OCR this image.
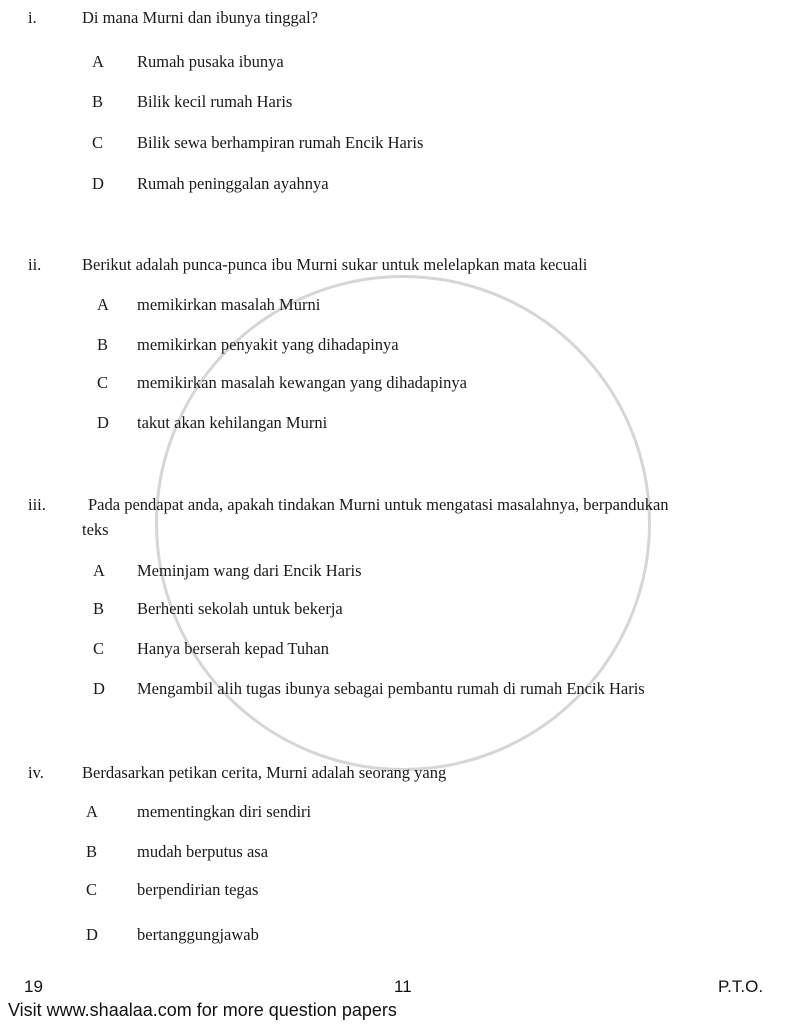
i.	Di mana Murni dan ibunya tinggal?
A Rumah pusaka ibunya
B Bilik kecil rumah Haris
C Bilik sewa berhampiran rumah Encik Haris
D Rumah peninggalan ayahnya
ii. Berikut adalah punca-punca ibu Murni sukar untuk melelapkan mata kecuali
A memikirkan masalah Murni
B memikirkan penyakit yang dihadapinya
C memikirkan masalah kewangan yang dihadapinya
D takut akan kehilangan Murni
iii.	Pada pendapat anda, apakah tindakan Murni untuk mengatasi masalahnya, berpandukan
teks
A Meminjam wang dari Encik Haris
B Berhenti sekolah untuk bekerja
C Hanya berserah kepad Tuhan
D Mengambil alih tugas ibunya sebagai pembantu rumah di rumah Encik Haris
iv. Berdasarkan petikan cerita, Murni adalah seorang yang
A mementingkan diri sendiri
B mudah berputus asa
C berpendirian tegas
D bertanggungjawab
19	11	P.T.O.
Visit www.shaalaa.com for more question papers
